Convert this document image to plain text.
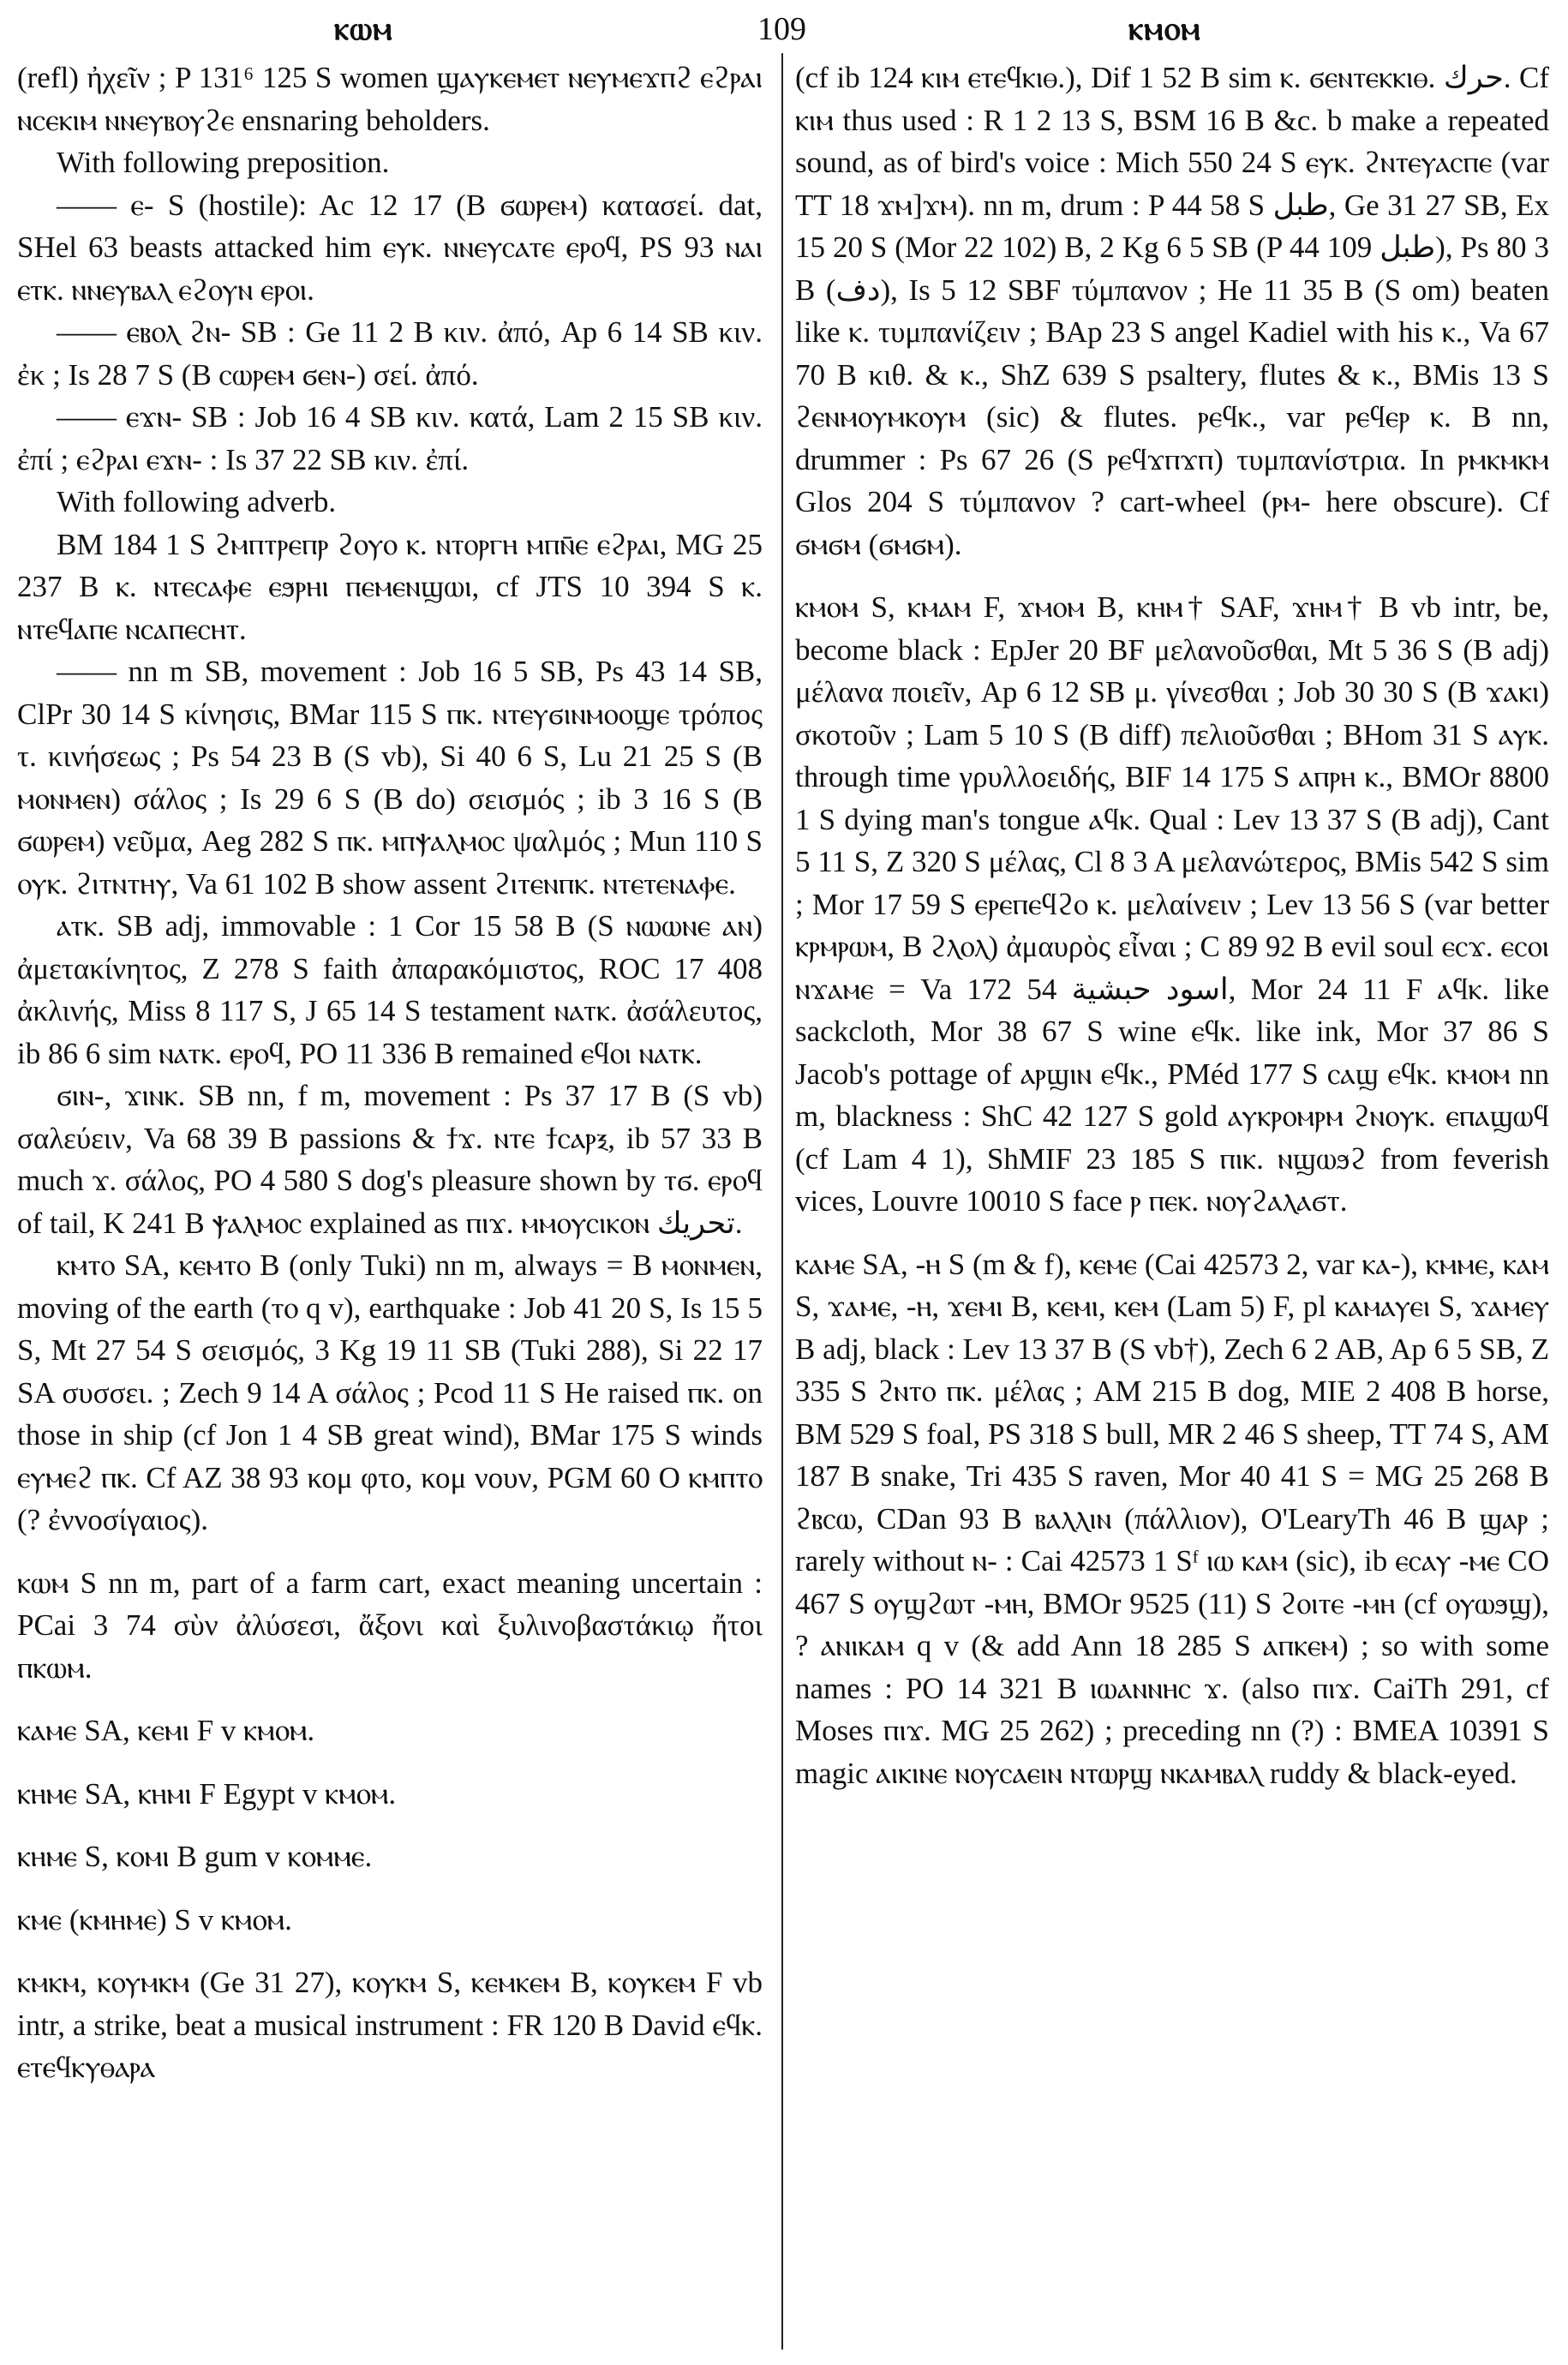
ⲕⲱⲙ	109	ⲕⲙⲟⲙ

(refl) ἠχεῖν ; P 131⁶ 125 S women ϣⲁⲩⲕⲉⲙⲉⲧ ⲛⲉⲩⲙⲉϫⲡϩ ⲉϩⲣⲁⲓ ⲛⲥⲉⲕⲓⲙ ⲛⲛⲉⲩⲃⲟⲩϩⲉ ensnaring beholders.

With following preposition.

—— ⲉ- S (hostile): Ac 12 17 (B ϭⲱⲣⲉⲙ) κατασεί. dat, SHel 63 beasts attacked him ⲉⲩⲕ. ⲛⲛⲉⲩⲥⲁⲧⲉ ⲉⲣⲟϥ, PS 93 ⲛⲁⲓ ⲉⲧⲕ. ⲛⲛⲉⲩⲃⲁⲗ ⲉϩⲟⲩⲛ ⲉⲣⲟⲓ.

—— ⲉⲃⲟⲗ ϩⲛ- SB : Ge 11 2 B κιν. ἀπό, Ap 6 14 SB κιν. ἐκ ; Is 28 7 S (B ⲥⲱⲣⲉⲙ ϭⲉⲛ-) σεί. ἀπό.

—— ⲉϫⲛ- SB : Job 16 4 SB κιν. κατά, Lam 2 15 SB κιν. ἐπί ; ⲉϩⲣⲁⲓ ⲉϫⲛ- : Is 37 22 SB κιν. ἐπί.

With following adverb.

BM 184 1 S ϩⲙⲡⲧⲣⲉⲡⲣ ϩⲟⲩⲟ ⲕ. ⲛⲧⲟⲣⲅⲏ ⲙⲡⲛ̄ⲉ ⲉϩⲣⲁⲓ, MG 25 237 B ⲕ. ⲛⲧⲉⲥⲁⲫⲉ ⲉϧⲣⲏⲓ ⲡⲉⲙⲉⲛϣⲱⲓ, cf JTS 10 394 S ⲕ. ⲛⲧⲉϥⲁⲡⲉ ⲛⲥⲁⲡⲉⲥⲏⲧ.

—— nn m SB, movement : Job 16 5 SB, Ps 43 14 SB, ClPr 30 14 S κίνησις, BMar 115 S ⲡⲕ. ⲛⲧⲉⲩϭⲓⲛⲙⲟⲟϣⲉ τρόπος τ. κινήσεως ; Ps 54 23 B (S vb), Si 40 6 S, Lu 21 25 S (B ⲙⲟⲛⲙⲉⲛ) σάλος ; Is 29 6 S (B do) σεισμός ; ib 3 16 S (B ϭⲱⲣⲉⲙ) νεῦμα, Aeg 282 S ⲡⲕ. ⲙⲡⲯⲁⲗⲙⲟⲥ ψαλμός ; Mun 110 S ⲟⲩⲕ. ϩⲓⲧⲛⲧⲏⲩ, Va 61 102 B show assent ϩⲓⲧⲉⲛⲡⲕ. ⲛⲧⲉⲧⲉⲛⲁⲫⲉ.

ⲁⲧⲕ. SB adj, immovable : 1 Cor 15 58 B (S ⲛⲱⲱⲛⲉ ⲁⲛ) ἀμετακίνητος, Z 278 S faith ἀπαρακόμιστος, ROC 17 408 ἀκλινής, Miss 8 117 S, J 65 14 S testament ⲛⲁⲧⲕ. ἀσάλευτος, ib 86 6 sim ⲛⲁⲧⲕ. ⲉⲣⲟϥ, PO 11 336 B remained ⲉϥⲟⲓ ⲛⲁⲧⲕ.

ϭⲓⲛ-, ϫⲓⲛⲕ. SB nn, f m, movement : Ps 37 17 B (S vb) σαλεύειν, Va 68 39 B passions & ϯϫ. ⲛⲧⲉ ϯⲥⲁⲣⲝ, ib 57 33 B much ϫ. σάλος, PO 4 580 S dog's pleasure shown by ⲧϭ. ⲉⲣⲟϥ of tail, K 241 B ⲯⲁⲗⲙⲟⲥ explained as ⲡⲓϫ. ⲙⲙⲟⲩⲥⲓⲕⲟⲛ تحريك.

ⲕⲙⲧⲟ SA, ⲕⲉⲙⲧⲟ B (only Tuki) nn m, always = B ⲙⲟⲛⲙⲉⲛ, moving of the earth (ⲧⲟ q v), earthquake : Job 41 20 S, Is 15 5 S, Mt 27 54 S σεισμός, 3 Kg 19 11 SB (Tuki 288), Si 22 17 SA συσσει. ; Zech 9 14 A σάλος ; Pcod 11 S He raised ⲡⲕ. on those in ship (cf Jon 1 4 SB great wind), BMar 175 S winds ⲉⲩⲙⲉϩ ⲡⲕ. Cf AZ 38 93 κομ φτο, κομ νουν, PGM 60 O ⲕⲙⲡⲧⲟ (? ἐννοσίγαιος).

ⲕⲱⲙ S nn m, part of a farm cart, exact meaning uncertain : PCai 3 74 σὺν ἀλύσεσι, ἄξονι καὶ ξυλινοβαστάκιῳ ἤτοι ⲡⲕⲱⲙ.

ⲕⲁⲙⲉ SA, ⲕⲉⲙⲓ F v ⲕⲙⲟⲙ.

ⲕⲏⲙⲉ SA, ⲕⲏⲙⲓ F Egypt v ⲕⲙⲟⲙ.

ⲕⲏⲙⲉ S, ⲕⲟⲙⲓ B gum v ⲕⲟⲙⲙⲉ.

ⲕⲙⲉ (ⲕⲙⲏⲙⲉ) S v ⲕⲙⲟⲙ.

ⲕⲙⲕⲙ, ⲕⲟⲩⲙⲕⲙ (Ge 31 27), ⲕⲟⲩⲕⲙ S, ⲕⲉⲙⲕⲉⲙ B, ⲕⲟⲩⲕⲉⲙ F vb intr, a strike, beat a musical instrument : FR 120 B David ⲉϥⲕ. ⲉⲧⲉϥⲕⲩⲑⲁⲣⲁ

(cf ib 124 ⲕⲓⲙ ⲉⲧⲉϥⲕⲓⲑ.), Dif 1 52 B sim ⲕ. ϭⲉⲛⲧⲉⲕⲕⲓⲑ. حرك. Cf ⲕⲓⲙ thus used : R 1 2 13 S, BSM 16 B &c. b make a repeated sound, as of bird's voice : Mich 550 24 S ⲉⲩⲕ. ϩⲛⲧⲉⲩⲁⲥⲡⲉ (var TT 18 ϫⲙ]ϫⲙ). nn m, drum : P 44 58 S طبل, Ge 31 27 SB, Ex 15 20 S (Mor 22 102) B, 2 Kg 6 5 SB (P 44 109 طبل), Ps 80 3 B (دف), Is 5 12 SBF τύμπανον ; He 11 35 B (S om) beaten like ⲕ. τυμπανίζειν ; BAp 23 S angel Kadiel with his ⲕ., Va 67 70 B κιθ. & ⲕ., ShZ 639 S psaltery, flutes & ⲕ., BMis 13 S ϩⲉⲛⲙⲟⲩⲙⲕⲟⲩⲙ (sic) & flutes. ⲣⲉϥⲕ., var ⲣⲉϥⲉⲣ ⲕ. B nn, drummer : Ps 67 26 (S ⲣⲉϥϫⲡϫⲡ) τυμπανίστρια. In ⲣⲙⲕⲙⲕⲙ Glos 204 S τύμπανον ? cart-wheel (ⲣⲙ- here obscure). Cf ϭⲙϭⲙ (ϭⲙϭⲙ).

ⲕⲙⲟⲙ S, ⲕⲙⲁⲙ F, ϫⲙⲟⲙ B, ⲕⲏⲙ† SAF, ϫⲏⲙ† B vb intr, be, become black : EpJer 20 BF μελανοῦσθαι, Mt 5 36 S (B adj) μέλανα ποιεῖν, Ap 6 12 SB μ. γίνεσθαι ; Job 30 30 S (B ϫⲁⲕⲓ) σκοτοῦν ; Lam 5 10 S (B diff) πελιοῦσθαι ; BHom 31 S ⲁⲩⲕ. through time γρυλλοειδής, BIF 14 175 S ⲁⲡⲣⲏ ⲕ., BMOr 8800 1 S dying man's tongue ⲁϥⲕ. Qual : Lev 13 37 S (B adj), Cant 5 11 S, Z 320 S μέλας, Cl 8 3 A μελανώτερος, BMis 542 S sim ; Mor 17 59 S ⲉⲣⲉⲡⲉϥϩⲟ ⲕ. μελαίνειν ; Lev 13 56 S (var better ⲕⲣⲙⲣⲱⲙ, B ϩⲗⲟⲗ) ἀμαυρὸς εἶναι ; C 89 92 B evil soul ⲉⲥϫ. ⲉⲥⲟⲓ ⲛϫⲁⲙⲉ = Va 172 54 اسود حبشية, Mor 24 11 F ⲁϥⲕ. like sackcloth, Mor 38 67 S wine ⲉϥⲕ. like ink, Mor 37 86 S Jacob's pottage of ⲁⲣϣⲓⲛ ⲉϥⲕ., PMéd 177 S ⲥⲁϣ ⲉϥⲕ. ⲕⲙⲟⲙ nn m, blackness : ShC 42 127 S gold ⲁⲩⲕⲣⲟⲙⲣⲙ ϩⲛⲟⲩⲕ. ⲉⲡⲁϣⲱϥ (cf Lam 4 1), ShMIF 23 185 S ⲡⲓⲕ. ⲛϣⲱϧϩ from feverish vices, Louvre 10010 S face ⲣ ⲡⲉⲕ. ⲛⲟⲩϩⲁⲗⲁϭⲧ.

ⲕⲁⲙⲉ SA, -ⲏ S (m & f), ⲕⲉⲙⲉ (Cai 42573 2, var ⲕⲁ-), ⲕⲙⲙⲉ, ⲕⲁⲙ S, ϫⲁⲙⲉ, -ⲏ, ϫⲉⲙⲓ B, ⲕⲉⲙⲓ, ⲕⲉⲙ (Lam 5) F, pl ⲕⲁⲙⲁⲩⲉⲓ S, ϫⲁⲙⲉⲩ B adj, black : Lev 13 37 B (S vb†), Zech 6 2 AB, Ap 6 5 SB, Z 335 S ϩⲛⲧⲟ ⲡⲕ. μέλας ; AM 215 B dog, MIE 2 408 B horse, BM 529 S foal, PS 318 S bull, MR 2 46 S sheep, TT 74 S, AM 187 B snake, Tri 435 S raven, Mor 40 41 S = MG 25 268 B ϩⲃⲥⲱ, CDan 93 B ⲃⲁⲗⲗⲓⲛ (πάλλιον), O'LearyTh 46 B ϣⲁⲣ ; rarely without ⲛ- : Cai 42573 1 Sᶠ ⲓⲱ ⲕⲁⲙ (sic), ib ⲉⲥⲁⲩ -ⲙⲉ CO 467 S ⲟⲩϣϩⲱⲧ -ⲙⲏ, BMOr 9525 (11) S ϩⲟⲓⲧⲉ -ⲙⲏ (cf ⲟⲩⲱϧϣ), ? ⲁⲛⲓⲕⲁⲙ q v (& add Ann 18 285 S ⲁⲡⲕⲉⲙ) ; so with some names : PO 14 321 B ⲓⲱⲁⲛⲛⲏⲥ ϫ. (also ⲡⲓϫ. CaiTh 291, cf Moses ⲡⲓϫ. MG 25 262) ; preceding nn (?) : BMEA 10391 S magic ⲁⲓⲕⲓⲛⲉ ⲛⲟⲩⲥⲁⲉⲓⲛ ⲛⲧⲱⲣϣ ⲛⲕⲁⲙⲃⲁⲗ ruddy & black-eyed.
